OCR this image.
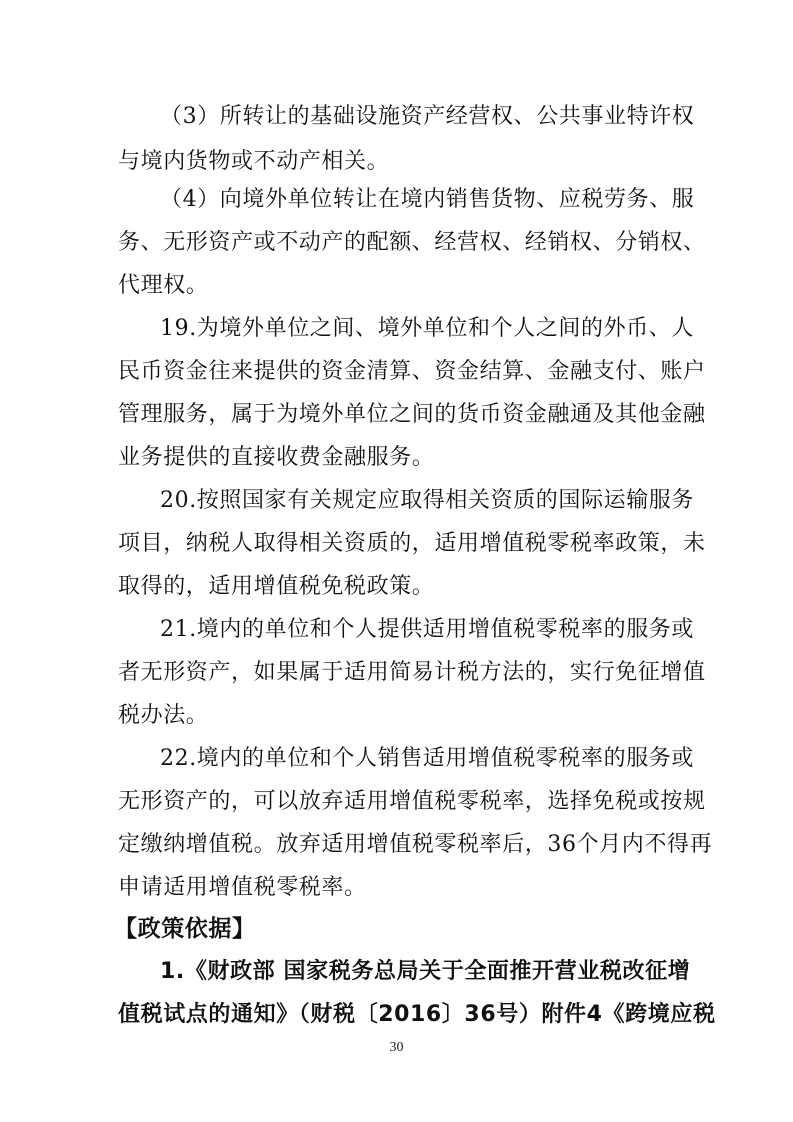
（3）所转让的基础设施资产经营权、公共事业特许权
与境内货物或不动产相关。
（4）向境外单位转让在境内销售货物、应税劳务、服
务、无形资产或不动产的配额、经营权、经销权、分销权、
代理权。
19.为境外单位之间、境外单位和个人之间的外币、人
民币资金往来提供的资金清算、资金结算、金融支付、账户
管理服务，属于为境外单位之间的货币资金融通及其他金融
业务提供的直接收费金融服务。
20.按照国家有关规定应取得相关资质的国际运输服务
项目，纳税人取得相关资质的，适用增值税零税率政策，未
取得的，适用增值税免税政策。
21.境内的单位和个人提供适用增值税零税率的服务或
者无形资产，如果属于适用简易计税方法的，实行免征增值
税办法。
22.境内的单位和个人销售适用增值税零税率的服务或
无形资产的，可以放弃适用增值税零税率，选择免税或按规
定缴纳增值税。放弃适用增值税零税率后，36个月内不得再
申请适用增值税零税率。
【政策依据】
1.《财政部 国家税务总局关于全面推开营业税改征增
值税试点的通知》（财税〔2016〕36号）附件4《跨境应税
30
